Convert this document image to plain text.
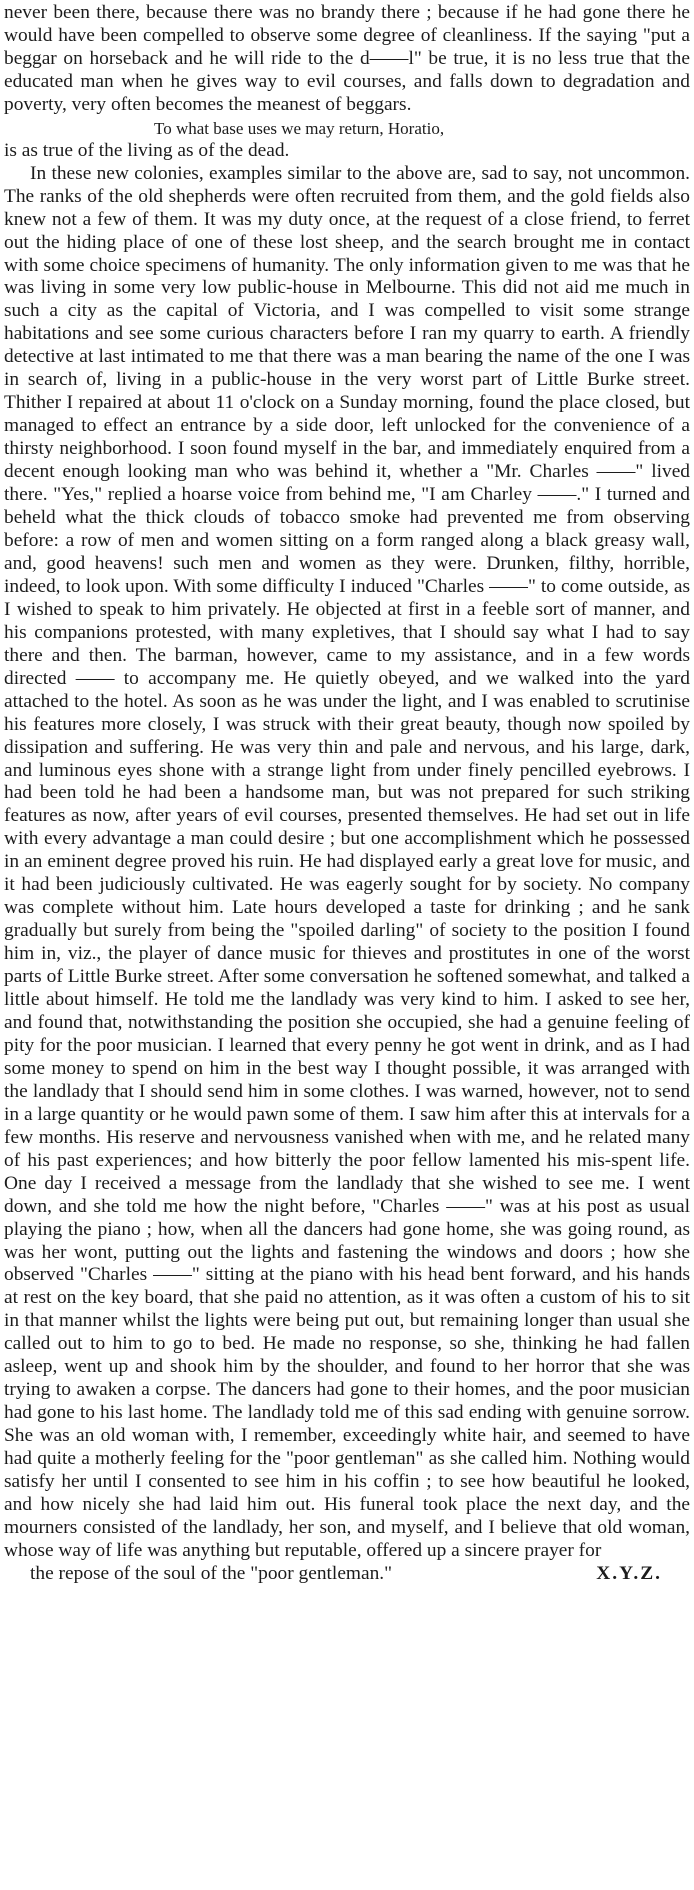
never been there, because there was no brandy there ; because if he had gone there he would have been compelled to observe some degree of cleanliness. If the saying "put a beggar on horseback and he will ride to the d——l" be true, it is no less true that the educated man when he gives way to evil courses, and falls down to degradation and poverty, very often becomes the meanest of beggars.
To what base uses we may return, Horatio,
is as true of the living as of the dead.

In these new colonies, examples similar to the above are, sad to say, not uncommon. The ranks of the old shepherds were often recruited from them, and the gold fields also knew not a few of them. It was my duty once, at the request of a close friend, to ferret out the hiding place of one of these lost sheep, and the search brought me in contact with some choice specimens of humanity. The only information given to me was that he was living in some very low public-house in Melbourne. This did not aid me much in such a city as the capital of Victoria, and I was compelled to visit some strange habitations and see some curious characters before I ran my quarry to earth. A friendly detective at last intimated to me that there was a man bearing the name of the one I was in search of, living in a public-house in the very worst part of Little Burke street. Thither I repaired at about 11 o'clock on a Sunday morning, found the place closed, but managed to effect an entrance by a side door, left unlocked for the convenience of a thirsty neighborhood. I soon found myself in the bar, and immediately enquired from a decent enough looking man who was behind it, whether a "Mr. Charles ——" lived there. "Yes," replied a hoarse voice from behind me, "I am Charley ——." I turned and beheld what the thick clouds of tobacco smoke had prevented me from observing before: a row of men and women sitting on a form ranged along a black greasy wall, and, good heavens! such men and women as they were. Drunken, filthy, horrible, indeed, to look upon. With some difficulty I induced "Charles ——" to come outside, as I wished to speak to him privately. He objected at first in a feeble sort of manner, and his companions protested, with many expletives, that I should say what I had to say there and then. The barman, however, came to my assistance, and in a few words directed —— to accompany me. He quietly obeyed, and we walked into the yard attached to the hotel. As soon as he was under the light, and I was enabled to scrutinise his features more closely, I was struck with their great beauty, though now spoiled by dissipation and suffering. He was very thin and pale and nervous, and his large, dark, and luminous eyes shone with a strange light from under finely pencilled eyebrows. I had been told he had been a handsome man, but was not prepared for such striking features as now, after years of evil courses, presented themselves. He had set out in life with every advantage a man could desire ; but one accomplishment which he possessed in an eminent degree proved his ruin. He had displayed early a great love for music, and it had been judiciously cultivated. He was eagerly sought for by society. No company was complete without him. Late hours developed a taste for drinking ; and he sank gradually but surely from being the "spoiled darling" of society to the position I found him in, viz., the player of dance music for thieves and prostitutes in one of the worst parts of Little Burke street. After some conversation he softened somewhat, and talked a little about himself. He told me the landlady was very kind to him. I asked to see her, and found that, notwithstanding the position she occupied, she had a genuine feeling of pity for the poor musician. I learned that every penny he got went in drink, and as I had some money to spend on him in the best way I thought possible, it was arranged with the landlady that I should send him in some clothes. I was warned, however, not to send in a large quantity or he would pawn some of them. I saw him after this at intervals for a few months. His reserve and nervousness vanished when with me, and he related many of his past experiences; and how bitterly the poor fellow lamented his mis-spent life. One day I received a message from the landlady that she wished to see me. I went down, and she told me how the night before, "Charles ——" was at his post as usual playing the piano ; how, when all the dancers had gone home, she was going round, as was her wont, putting out the lights and fastening the windows and doors ; how she observed "Charles ——" sitting at the piano with his head bent forward, and his hands at rest on the key board, that she paid no attention, as it was often a custom of his to sit in that manner whilst the lights were being put out, but remaining longer than usual she called out to him to go to bed. He made no response, so she, thinking he had fallen asleep, went up and shook him by the shoulder, and found to her horror that she was trying to awaken a corpse. The dancers had gone to their homes, and the poor musician had gone to his last home. The landlady told me of this sad ending with genuine sorrow. She was an old woman with, I remember, exceedingly white hair, and seemed to have had quite a motherly feeling for the "poor gentleman" as she called him. Nothing would satisfy her until I consented to see him in his coffin ; to see how beautiful he looked, and how nicely she had laid him out. His funeral took place the next day, and the mourners consisted of the landlady, her son, and myself, and I believe that old woman, whose way of life was anything but reputable, offered up a sincere prayer for
the repose of the soul of the "poor gentleman."	X.Y.Z.
